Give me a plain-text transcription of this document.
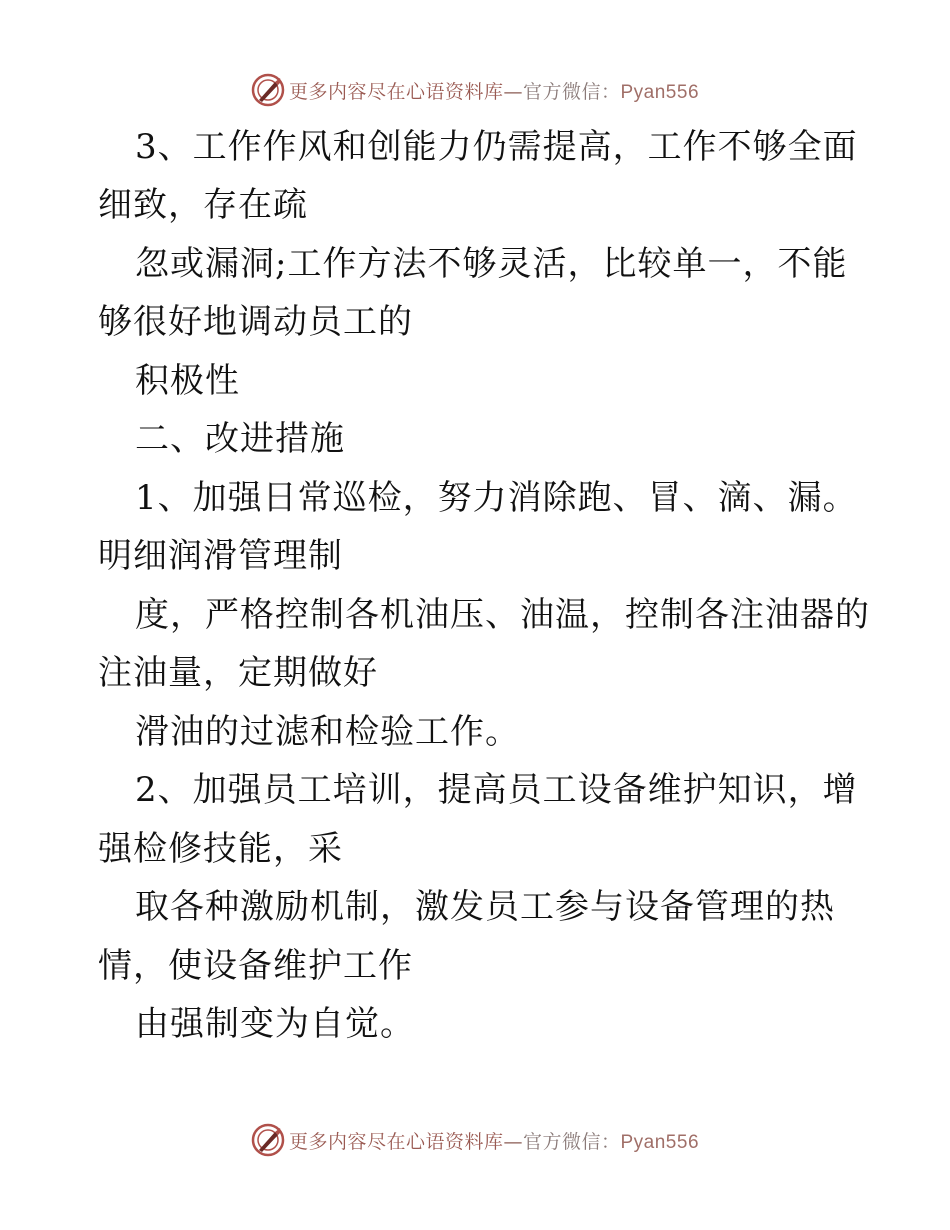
更多内容尽在心语资料库—官方微信：Pyan556
3、工作作风和创能力仍需提高，工作不够全面
细致，存在疏
忽或漏洞;工作方法不够灵活，比较单一，不能
够很好地调动员工的
积极性
二、改进措施
1、加强日常巡检，努力消除跑、冒、滴、漏。
明细润滑管理制
度，严格控制各机油压、油温，控制各注油器的
注油量，定期做好
滑油的过滤和检验工作。
2、加强员工培训，提高员工设备维护知识，增
强检修技能，采
取各种激励机制，激发员工参与设备管理的热
情，使设备维护工作
由强制变为自觉。
更多内容尽在心语资料库—官方微信：Pyan556
